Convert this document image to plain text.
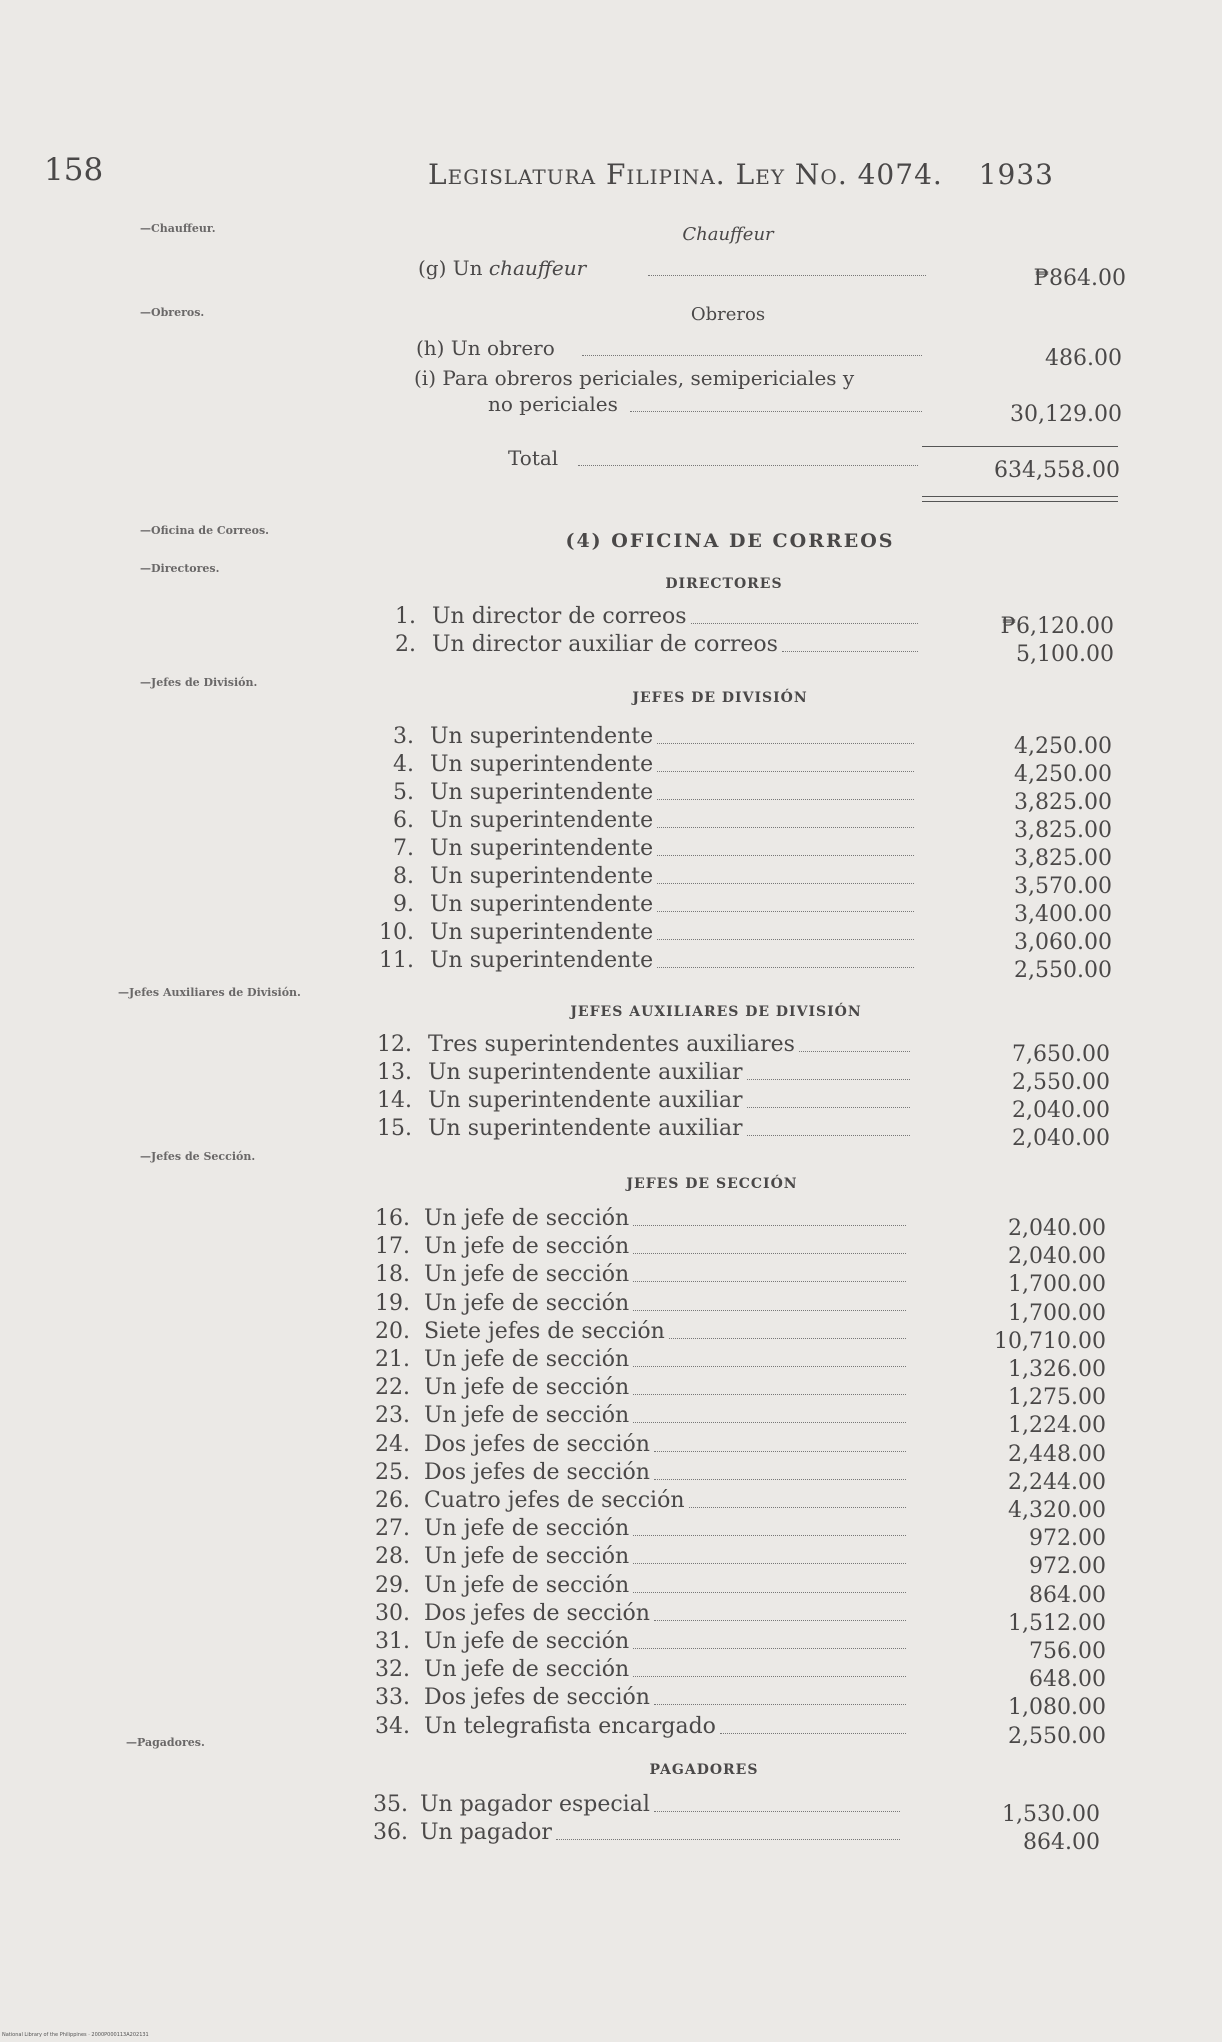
158	Legislatura Filipina. Ley No. 4074. 1933
—Chauffeur.
—Obreros.
—Oficina de Correos.
—Directores.
—Jefes de División.
—Jefes Auxiliares de División.
—Jefes de Sección.
—Pagadores.
Chauffeur
(g) Un chauffeur	₱864.00
Obreros
(h) Un obrero	486.00
(i) Para obreros periciales, semipericiales y
no periciales	30,129.00
Total	634,558.00
(4) OFICINA DE CORREOS
DIRECTORES
1. Un director de correos	₱6,120.00
2. Un director auxiliar de correos	5,100.00
JEFES DE DIVISIÓN
3. Un superintendente	4,250.00
4. Un superintendente	4,250.00
5. Un superintendente	3,825.00
6. Un superintendente	3,825.00
7. Un superintendente	3,825.00
8. Un superintendente	3,570.00
9. Un superintendente	3,400.00
10. Un superintendente	3,060.00
11. Un superintendente	2,550.00
JEFES AUXILIARES DE DIVISIÓN
12. Tres superintendentes auxiliares	7,650.00
13. Un superintendente auxiliar	2,550.00
14. Un superintendente auxiliar	2,040.00
15. Un superintendente auxiliar	2,040.00
JEFES DE SECCIÓN
16. Un jefe de sección	2,040.00
17. Un jefe de sección	2,040.00
18. Un jefe de sección	1,700.00
19. Un jefe de sección	1,700.00
20. Siete jefes de sección	10,710.00
21. Un jefe de sección	1,326.00
22. Un jefe de sección	1,275.00
23. Un jefe de sección	1,224.00
24. Dos jefes de sección	2,448.00
25. Dos jefes de sección	2,244.00
26. Cuatro jefes de sección	4,320.00
27. Un jefe de sección	972.00
28. Un jefe de sección	972.00
29. Un jefe de sección	864.00
30. Dos jefes de sección	1,512.00
31. Un jefe de sección	756.00
32. Un jefe de sección	648.00
33. Dos jefes de sección	1,080.00
34. Un telegrafista encargado	2,550.00
PAGADORES
35. Un pagador especial	1,530.00
36. Un pagador	864.00
National Library of the Philippines · 2000P000113A202131
